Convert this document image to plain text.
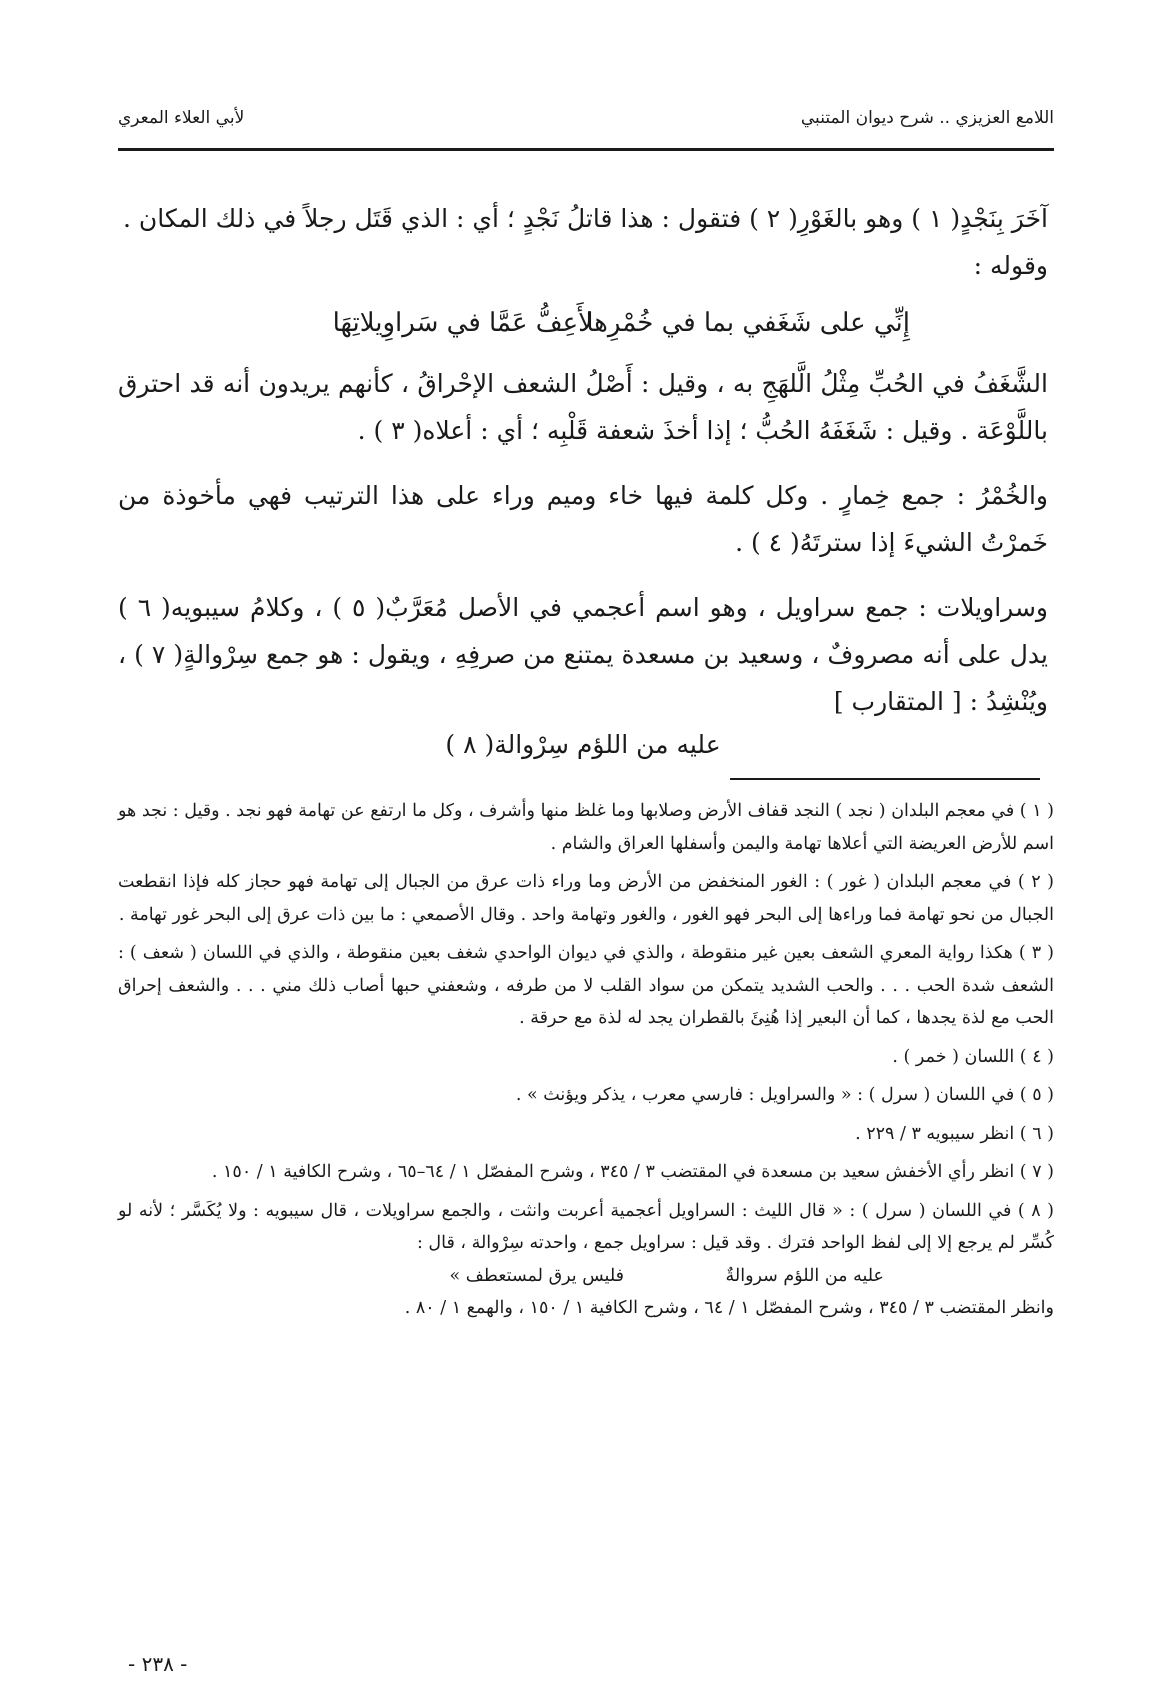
اللامع العزيزي .. شرح ديوان المتنبي
لأبي العلاء المعري

آخَرَ بِنَجْدٍ( ١ ) وهو بالغَوْرِ( ٢ ) فتقول : هذا قاتلُ نَجْدٍ ؛ أي : الذي قَتَل رجلاً في ذلك المكان .

وقوله :

إِنِّي على شَغَفي بما في خُمْرِها
لأَعِفُّ عَمَّا في سَراوِيلاتِهَا

الشَّغَفُ في الحُبِّ مِثْلُ الَّلهَجِ به ، وقيل : أَصْلُ الشعف الإحْراقُ ، كأنهم يريدون أنه قد احترق باللَّوْعَة . وقيل : شَغَفَهُ الحُبُّ ؛ إذا أخذَ شعفة قَلْبِه ؛ أي : أعلاه( ٣ ) .

والخُمْرُ : جمع خِمارٍ . وكل كلمة فيها خاء وميم وراء على هذا الترتيب فهي مأخوذة من خَمرْتُ الشيءَ إذا سترتَهُ( ٤ ) .

وسراويلات : جمع سراويل ، وهو اسم أعجمي في الأصل مُعَرَّبٌ( ٥ ) ، وكلامُ سيبويه( ٦ ) يدل على أنه مصروفٌ ، وسعيد بن مسعدة يمتنع من صرفِهِ ، ويقول : هو جمع سِرْوالةٍ( ٧ ) ، ويُنْشِدُ : [ المتقارب ]

عليه من اللؤم سِرْوالة( ٨ )
( ١ ) في معجم البلدان ( نجد ) النجد قفاف الأرض وصلابها وما غلظ منها وأشرف ، وكل ما ارتفع عن تهامة فهو نجد . وقيل : نجد هو اسم للأرض العريضة التي أعلاها تهامة واليمن وأسفلها العراق والشام .
( ٢ ) في معجم البلدان ( غور ) : الغور المنخفض من الأرض وما وراء ذات عرق من الجبال إلى تهامة فهو حجاز كله فإذا انقطعت الجبال من نحو تهامة فما وراءها إلى البحر فهو الغور ، والغور وتهامة واحد . وقال الأصمعي : ما بين ذات عرق إلى البحر غور تهامة .
( ٣ ) هكذا رواية المعري الشعف بعين غير منقوطة ، والذي في ديوان الواحدي شغف بعين منقوطة ، والذي في اللسان ( شعف ) : الشعف شدة الحب . . . والحب الشديد يتمكن من سواد القلب لا من طرفه ، وشعفني حبها أصاب ذلك مني . . . والشعف إحراق الحب مع لذة يجدها ، كما أن البعير إذا هُنِئَ بالقطران يجد له لذة مع حرقة .
( ٤ ) اللسان ( خمر ) .
( ٥ ) في اللسان ( سرل ) : « والسراويل : فارسي معرب ، يذكر ويؤنث » .
( ٦ ) انظر سيبويه ٣ / ٢٢٩ .
( ٧ ) انظر رأي الأخفش سعيد بن مسعدة في المقتضب ٣ / ٣٤٥ ، وشرح المفصّل ١ / ٦٤–٦٥ ، وشرح الكافية ١ / ١٥٠ .
( ٨ ) في اللسان ( سرل ) : « قال الليث : السراويل أعجمية أعربت وانثت ، والجمع سراويلات ، قال سيبويه : ولا يُكَسَّر ؛ لأنه لو كُسِّر لم يرجع إلا إلى لفظ الواحد فترك . وقد قيل : سراويل جمع ، واحدته سِرْوالة ، قال :
عليه من اللؤم سروالةٌ
فليس يرق لمستعطف »
وانظر المقتضب ٣ / ٣٤٥ ، وشرح المفصّل ١ / ٦٤ ، وشرح الكافية ١ / ١٥٠ ، والهمع ١ / ٨٠ .
- ٢٣٨ -
